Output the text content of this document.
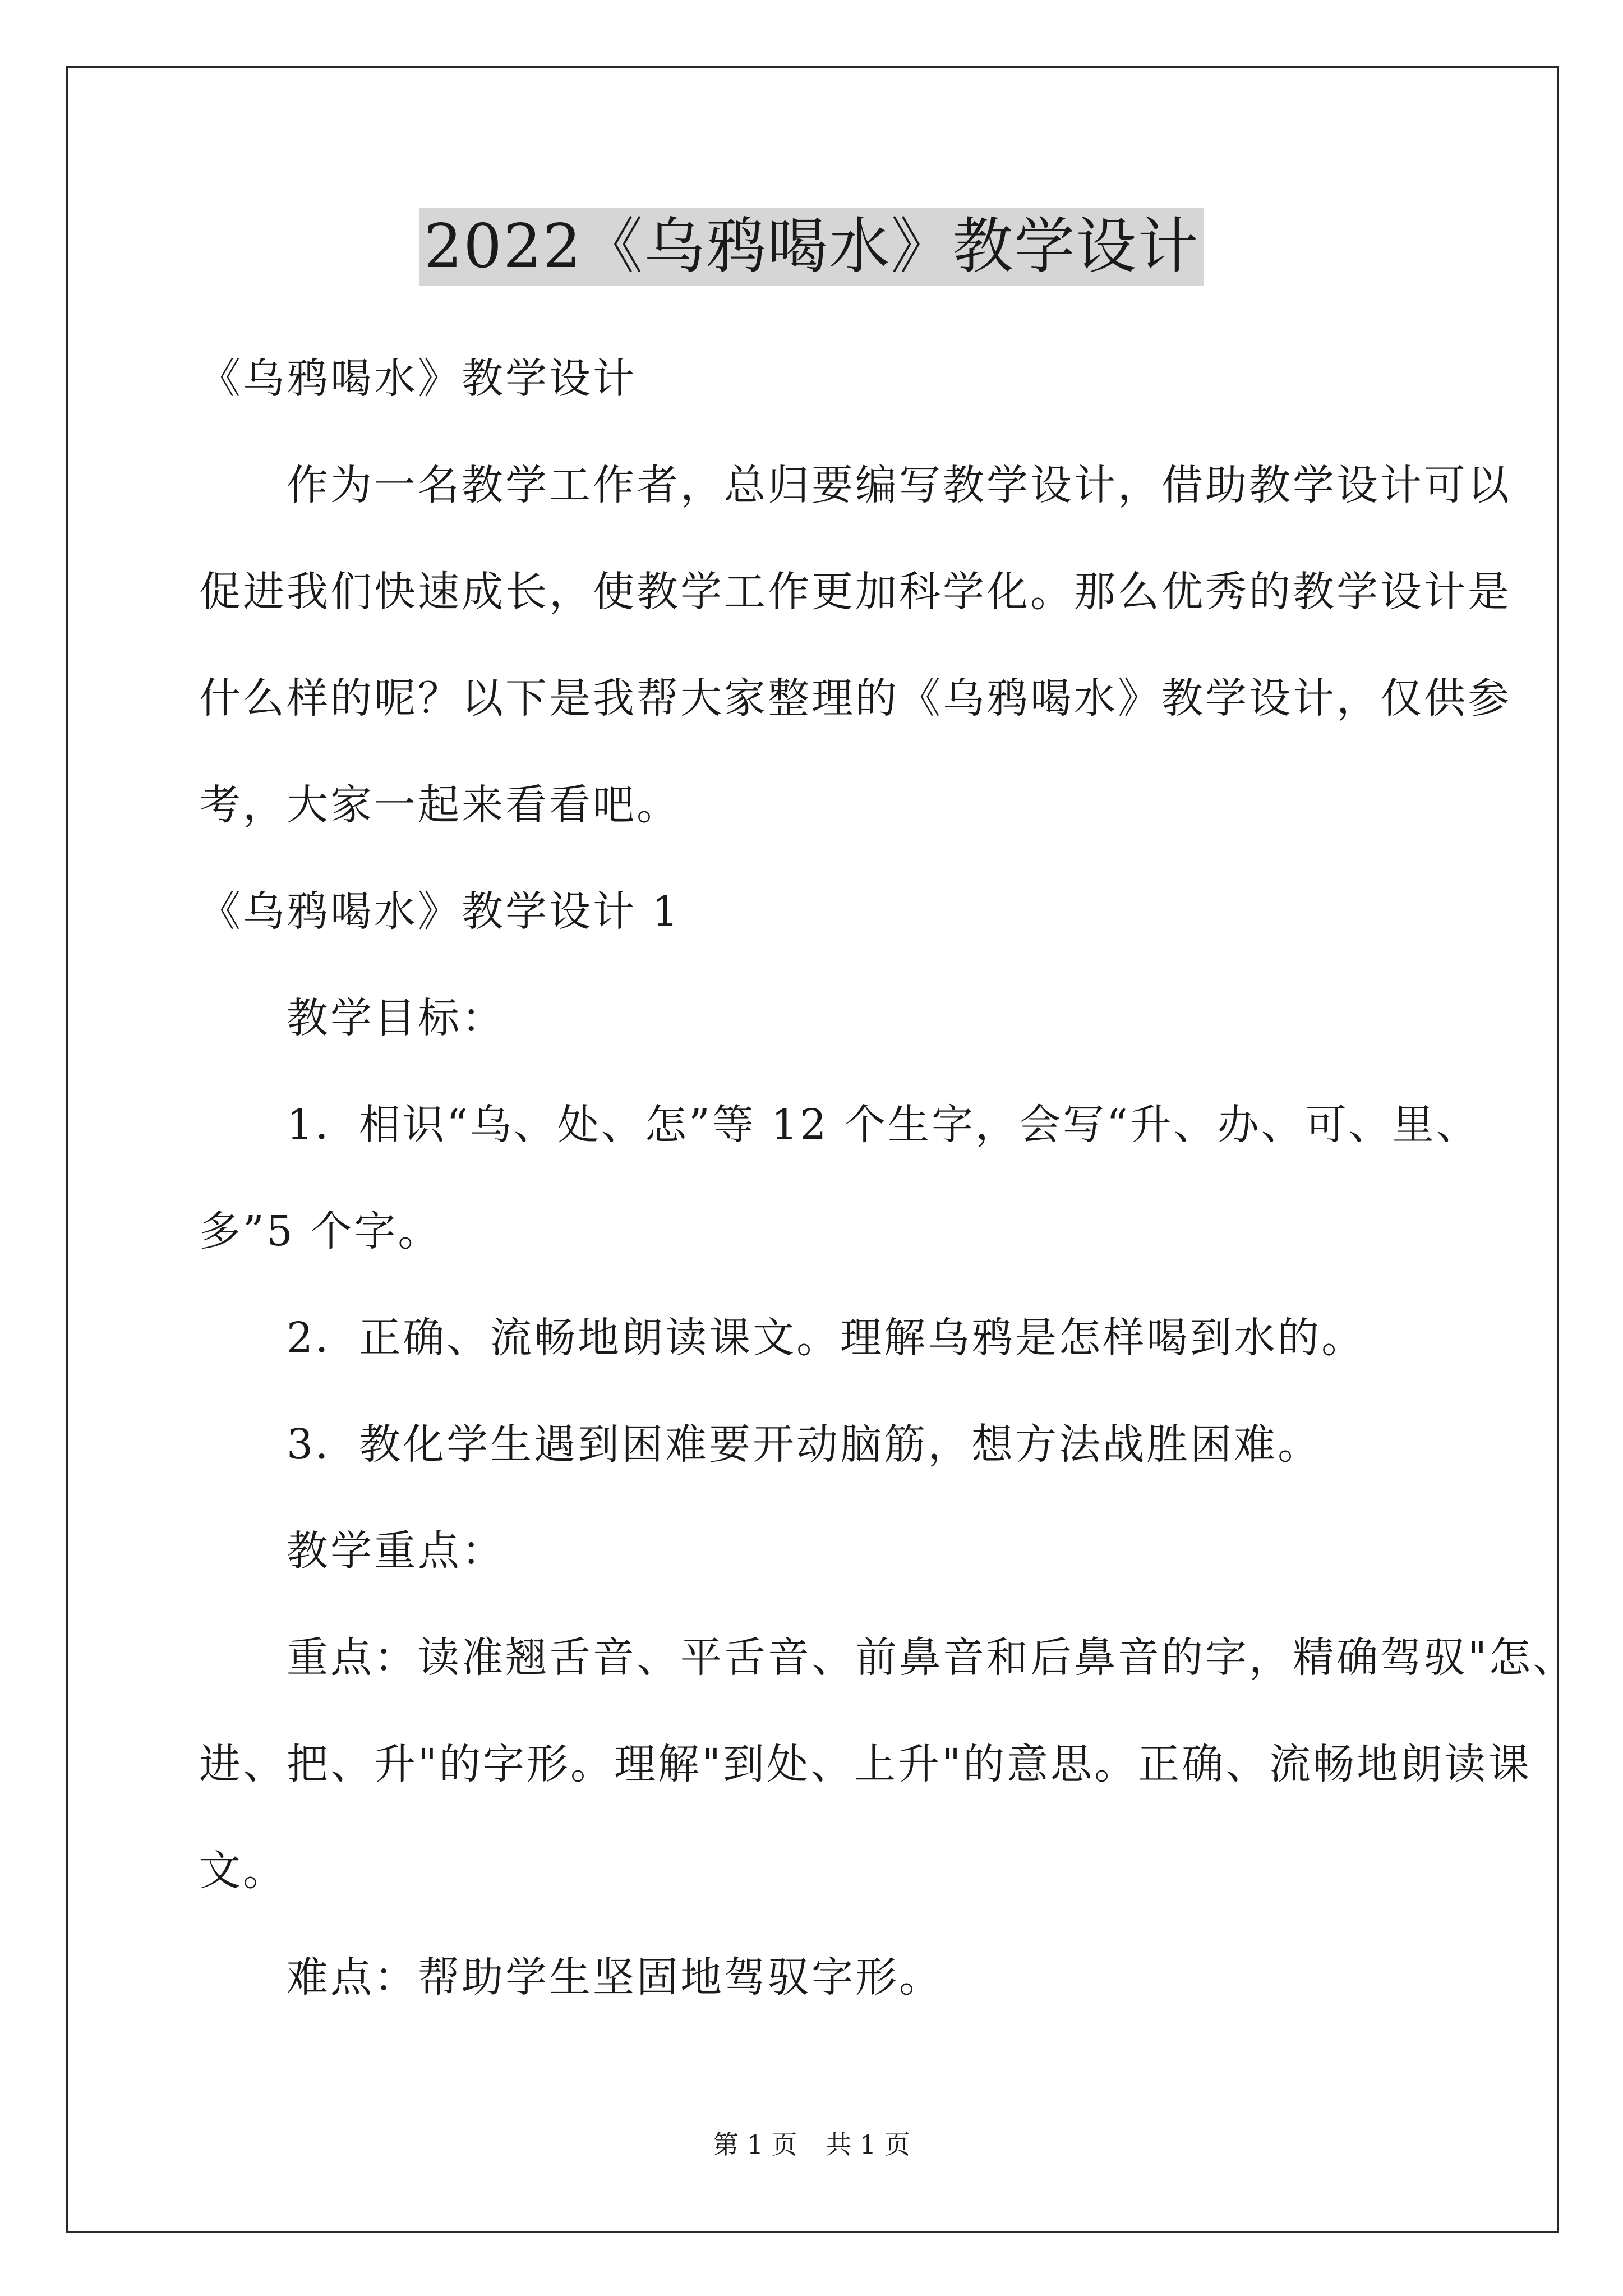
2022《乌鸦喝水》教学设计
《乌鸦喝水》教学设计
　　作为一名教学工作者，总归要编写教学设计，借助教学设计可以
促进我们快速成长，使教学工作更加科学化。那么优秀的教学设计是
什么样的呢？以下是我帮大家整理的《乌鸦喝水》教学设计，仅供参
考，大家一起来看看吧。
《乌鸦喝水》教学设计 1
　　教学目标：
　　1．相识“乌、处、怎”等 12 个生字，会写“升、办、可、里、
多”5 个字。
　　2．正确、流畅地朗读课文。理解乌鸦是怎样喝到水的。
　　3．教化学生遇到困难要开动脑筋，想方法战胜困难。
　　教学重点：
　　重点：读准翘舌音、平舌音、前鼻音和后鼻音的字，精确驾驭"怎、
进、把、升"的字形。理解"到处、上升"的意思。正确、流畅地朗读课
文。
　　难点：帮助学生坚固地驾驭字形。
第 1 页 共 1 页
